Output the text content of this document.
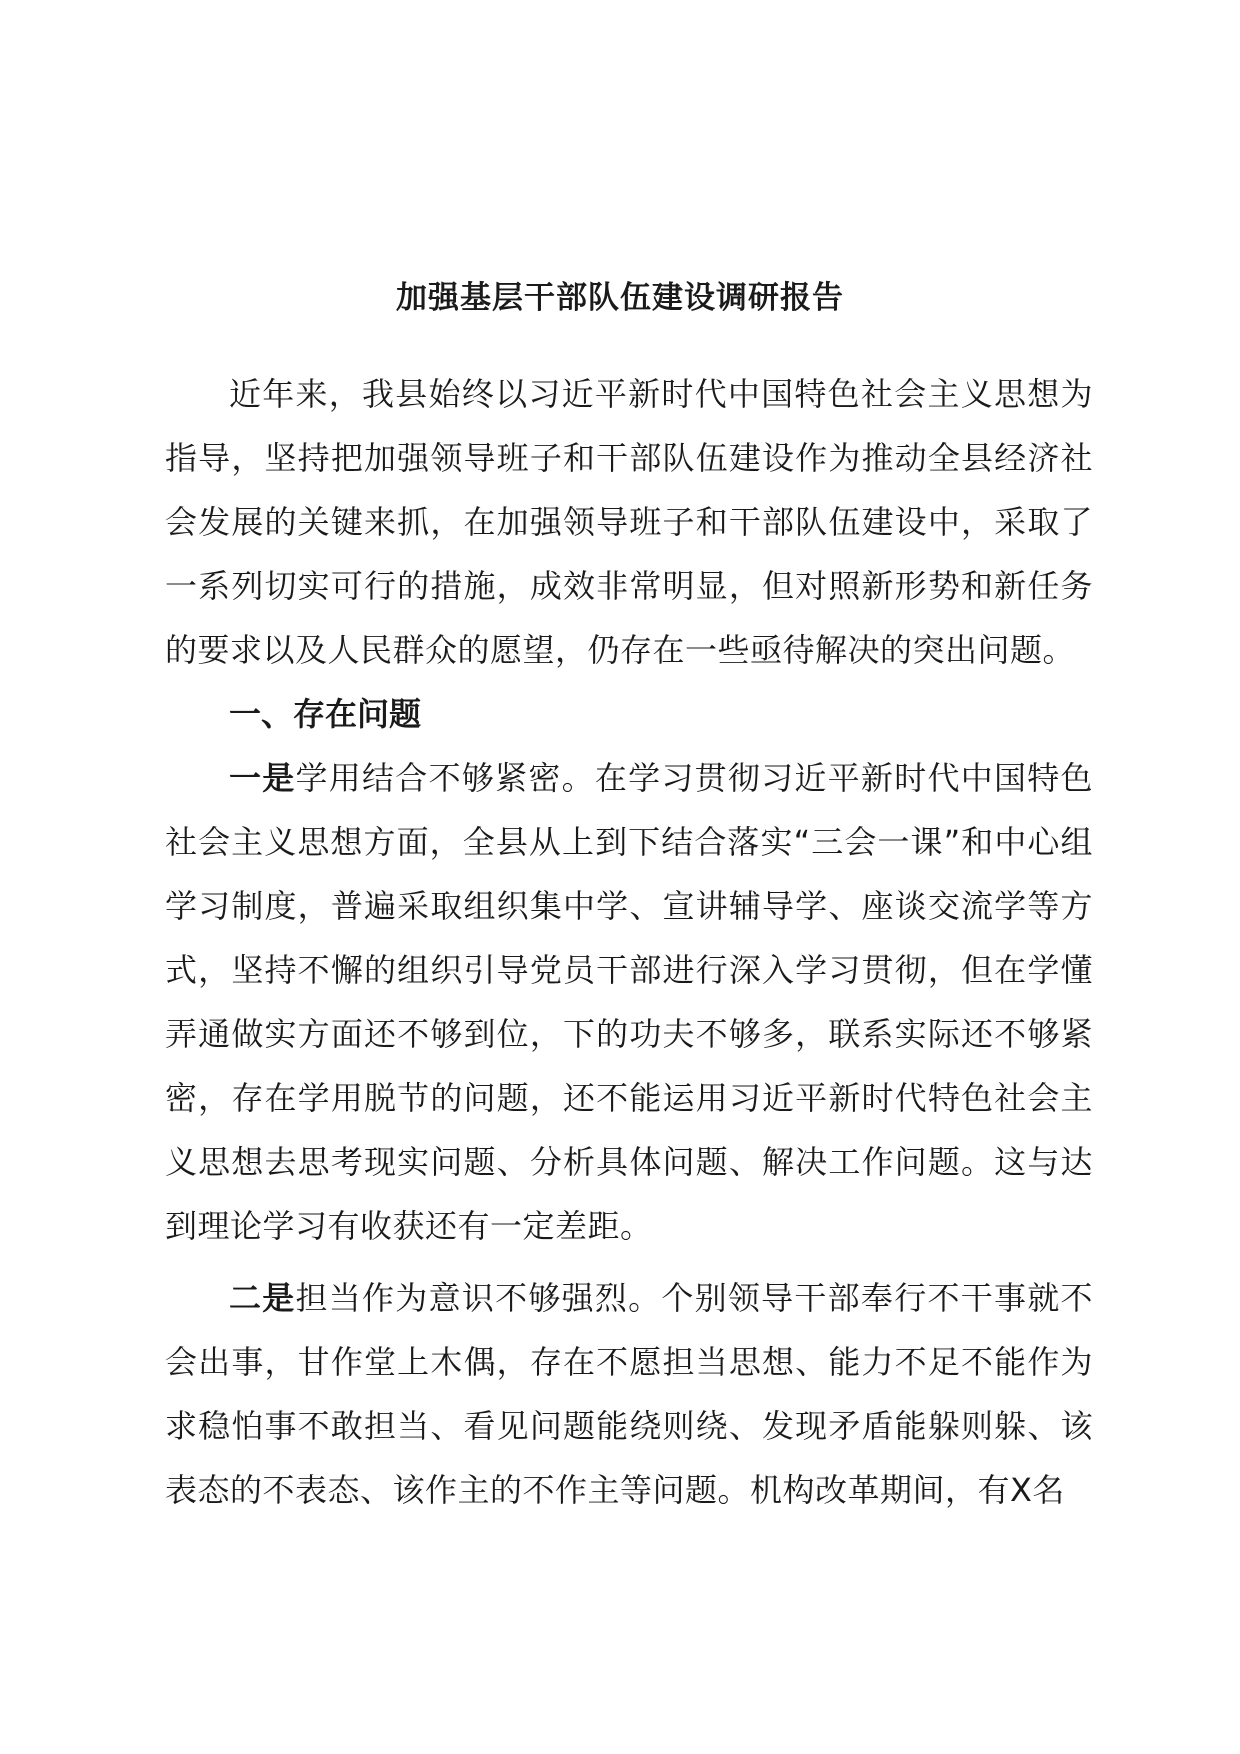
加强基层干部队伍建设调研报告

近年来，我县始终以习近平新时代中国特色社会主义思想为指导，坚持把加强领导班子和干部队伍建设作为推动全县经济社会发展的关键来抓，在加强领导班子和干部队伍建设中，采取了一系列切实可行的措施，成效非常明显，但对照新形势和新任务的要求以及人民群众的愿望，仍存在一些亟待解决的突出问题。

一、存在问题

一是学用结合不够紧密。在学习贯彻习近平新时代中国特色社会主义思想方面，全县从上到下结合落实“三会一课”和中心组学习制度，普遍采取组织集中学、宣讲辅导学、座谈交流学等方式，坚持不懈的组织引导党员干部进行深入学习贯彻，但在学懂弄通做实方面还不够到位，下的功夫不够多，联系实际还不够紧密，存在学用脱节的问题，还不能运用习近平新时代特色社会主义思想去思考现实问题、分析具体问题、解决工作问题。这与达到理论学习有收获还有一定差距。

二是担当作为意识不够强烈。个别领导干部奉行不干事就不会出事，甘作堂上木偶，存在不愿担当思想、能力不足不能作为求稳怕事不敢担当、看见问题能绕则绕、发现矛盾能躲则躲、该表态的不表态、该作主的不作主等问题。机构改革期间，有X名
